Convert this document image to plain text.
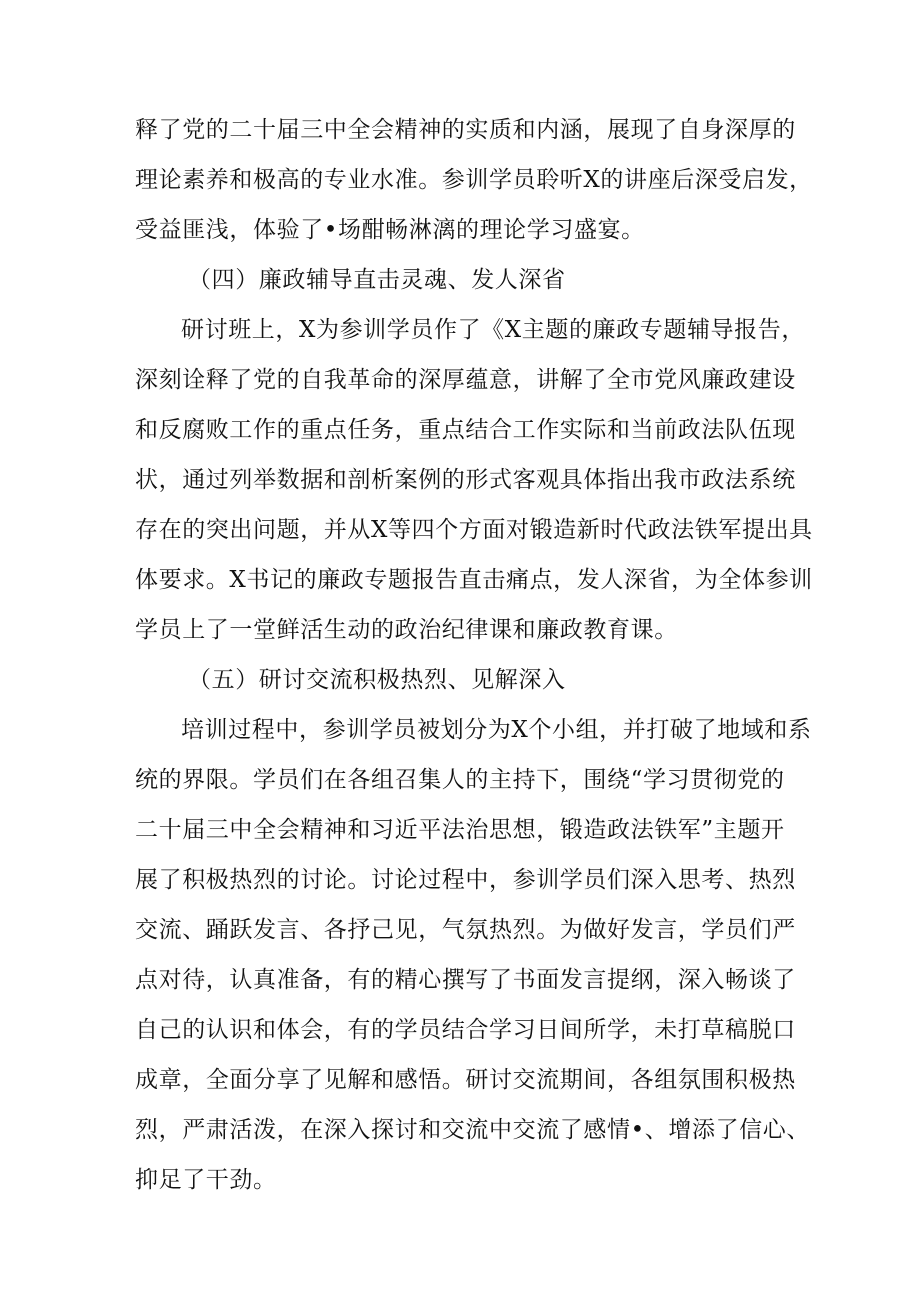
释了党的二十届三中全会精神的实质和内涵，展现了自身深厚的
理论素养和极高的专业水准。参训学员聆听X的讲座后深受启发，
受益匪浅，体验了•场酣畅淋漓的理论学习盛宴。
（四）廉政辅导直击灵魂、发人深省
研讨班上，X为参训学员作了《X主题的廉政专题辅导报告，
深刻诠释了党的自我革命的深厚蕴意，讲解了全市党风廉政建设
和反腐败工作的重点任务，重点结合工作实际和当前政法队伍现
状，通过列举数据和剖析案例的形式客观具体指出我市政法系统
存在的突出问题，并从X等四个方面对锻造新时代政法铁军提出具
体要求。X书记的廉政专题报告直击痛点，发人深省，为全体参训
学员上了一堂鲜活生动的政治纪律课和廉政教育课。
（五）研讨交流积极热烈、见解深入
培训过程中，参训学员被划分为X个小组，并打破了地域和系
统的界限。学员们在各组召集人的主持下，围绕“学习贯彻党的
二十届三中全会精神和习近平法治思想，锻造政法铁军”主题开
展了积极热烈的讨论。讨论过程中，参训学员们深入思考、热烈
交流、踊跃发言、各抒己见，气氛热烈。为做好发言，学员们严
点对待，认真准备，有的精心撰写了书面发言提纲，深入畅谈了
自己的认识和体会，有的学员结合学习日间所学，未打草稿脱口
成章，全面分享了见解和感悟。研讨交流期间，各组氛围积极热
烈，严肃活泼，在深入探讨和交流中交流了感情•、增添了信心、
抑足了干劲。
